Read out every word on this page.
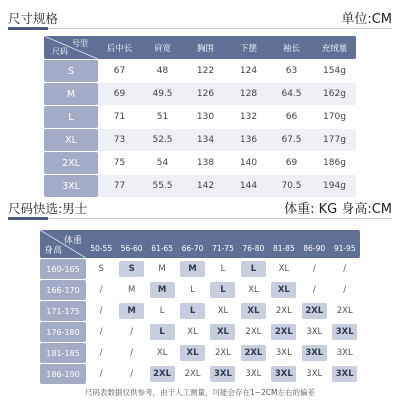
尺寸规格	单位:CM
号型
尺码	后中长	肩宽	胸围	下摆	袖长	充绒量
S	67	48	122	124	63	154g
M	69	49.5	126	128	64.5	162g
L	71	51	130	132	66	170g
XL	73	52.5	134	136	67.5	177g
2XL	75	54	138	140	69	186g
3XL	77	55.5	142	144	70.5	194g
尺码快选:男士	体重: KG 身高:CM
体重
身高	50-55	56-60	61-65	66-70	71-75	76-80	81-85	86-90	91-95
160-165	S	S	M	M	L	L	XL	/	/
166-170	/	M	M	L	L	XL	XL	/	/
171-175	/	M	L	L	XL	XL	2XL	2XL	2XL
176-180	/	/	L	XL	XL	2XL	2XL	3XL	3XL
181-185	/	/	XL	XL	2XL	2XL	3XL	3XL	3XL
186-190	/	/	2XL	2XL	3XL	3XL	3XL	3XL	3XL
尺码表数据仅供参考，由于人工测量，可能会存在1~2CM左右的偏差
